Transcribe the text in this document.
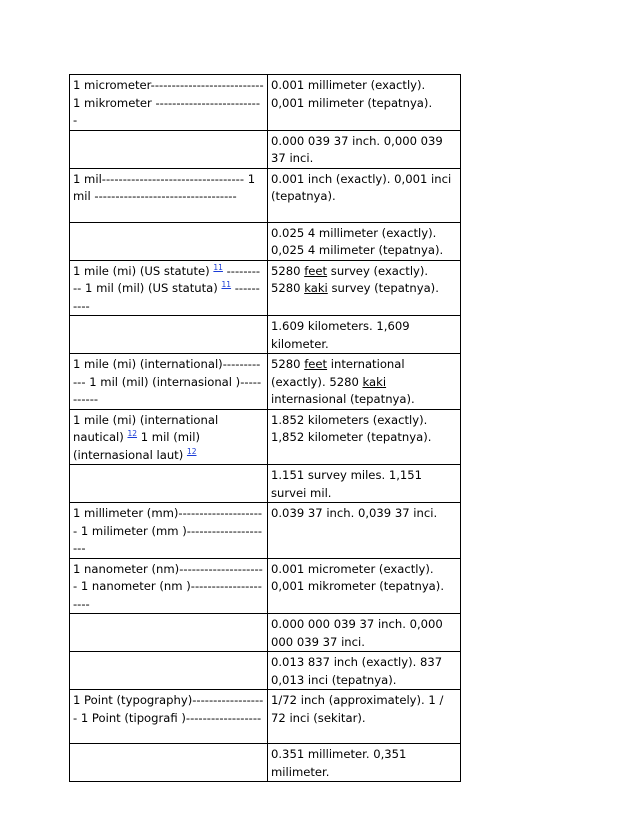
1 micrometer--------------------------- 1 mikrometer --------------------------	0.001 millimeter (exactly). 0,001 milimeter (tepatnya).
	0.000 039 37 inch. 0,000 039 37 inci.
1 mil---------------------------------- 1 mil ----------------------------------	0.001 inch (exactly). 0,001 inci (tepatnya).
	0.025 4 millimeter (exactly). 0,025 4 milimeter (tepatnya).
1 mile (mi) (US statute) $^{11}$ ---------- 1 mil (mil) (US statuta) $^{11}$ ----------	5280 feet survey (exactly). 5280 kaki survey (tepatnya).
	1.609 kilometers. 1,609 kilometer.
1 mile (mi) (international)------------ 1 mil (mil) (internasional )-----------	5280 feet international (exactly). 5280 kaki internasional (tepatnya).
1 mile (mi) (international nautical) $^{12}$ 1 mil (mil) (internasional laut) $^{12}$	1.852 kilometers (exactly). 1,852 kilometer (tepatnya).
	1.151 survey miles. 1,151 survei mil.
1 millimeter (mm)--------------------- 1 milimeter (mm )---------------------	0.039 37 inch. 0,039 37 inci.
1 nanometer (nm)--------------------- 1 nanometer (nm )---------------------	0.001 micrometer (exactly). 0,001 mikrometer (tepatnya).
	0.000 000 039 37 inch. 0,000 000 039 37 inci.
	0.013 837 inch (exactly). 837 0,013 inci (tepatnya).
1 Point (typography)------------------ 1 Point (tipografi )------------------	1/72 inch (approximately). 1 / 72 inci (sekitar).
	0.351 millimeter. 0,351 milimeter.
